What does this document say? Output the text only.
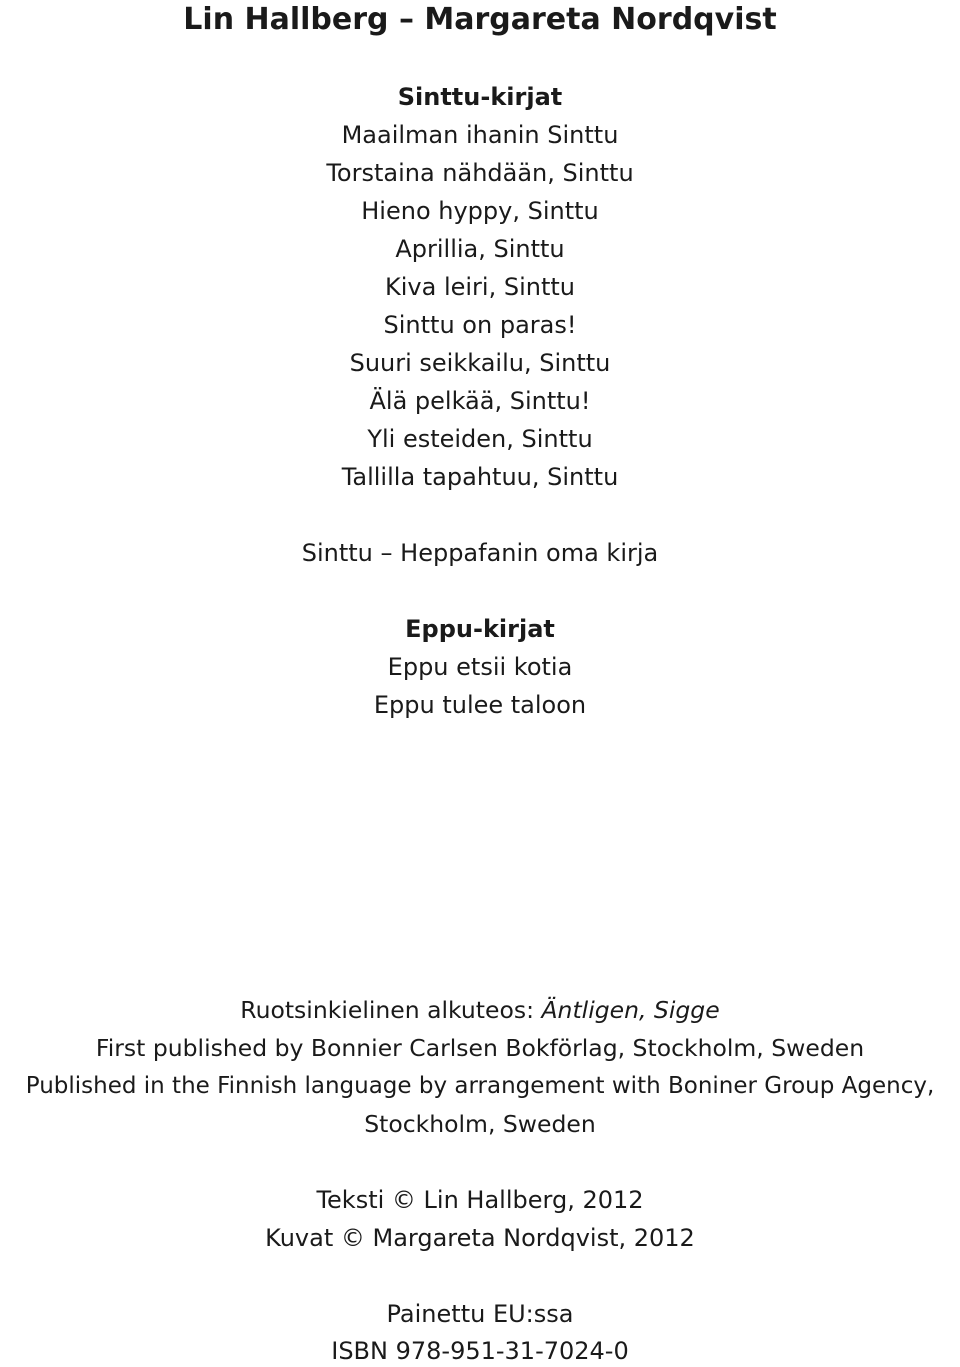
Lin Hallberg – Margareta Nordqvist
Sinttu-kirjat
Maailman ihanin Sinttu
Torstaina nähdään, Sinttu
Hieno hyppy, Sinttu
Aprillia, Sinttu
Kiva leiri, Sinttu
Sinttu on paras!
Suuri seikkailu, Sinttu
Älä pelkää, Sinttu!
Yli esteiden, Sinttu
Tallilla tapahtuu, Sinttu
Sinttu – Heppafanin oma kirja
Eppu-kirjat
Eppu etsii kotia
Eppu tulee taloon
Ruotsinkielinen alkuteos: Äntligen, Sigge
First published by Bonnier Carlsen Bokförlag, Stockholm, Sweden
Published in the Finnish language by arrangement with Boniner Group Agency,
Stockholm, Sweden
Teksti © Lin Hallberg, 2012
Kuvat © Margareta Nordqvist, 2012
Painettu EU:ssa
ISBN 978-951-31-7024-0
